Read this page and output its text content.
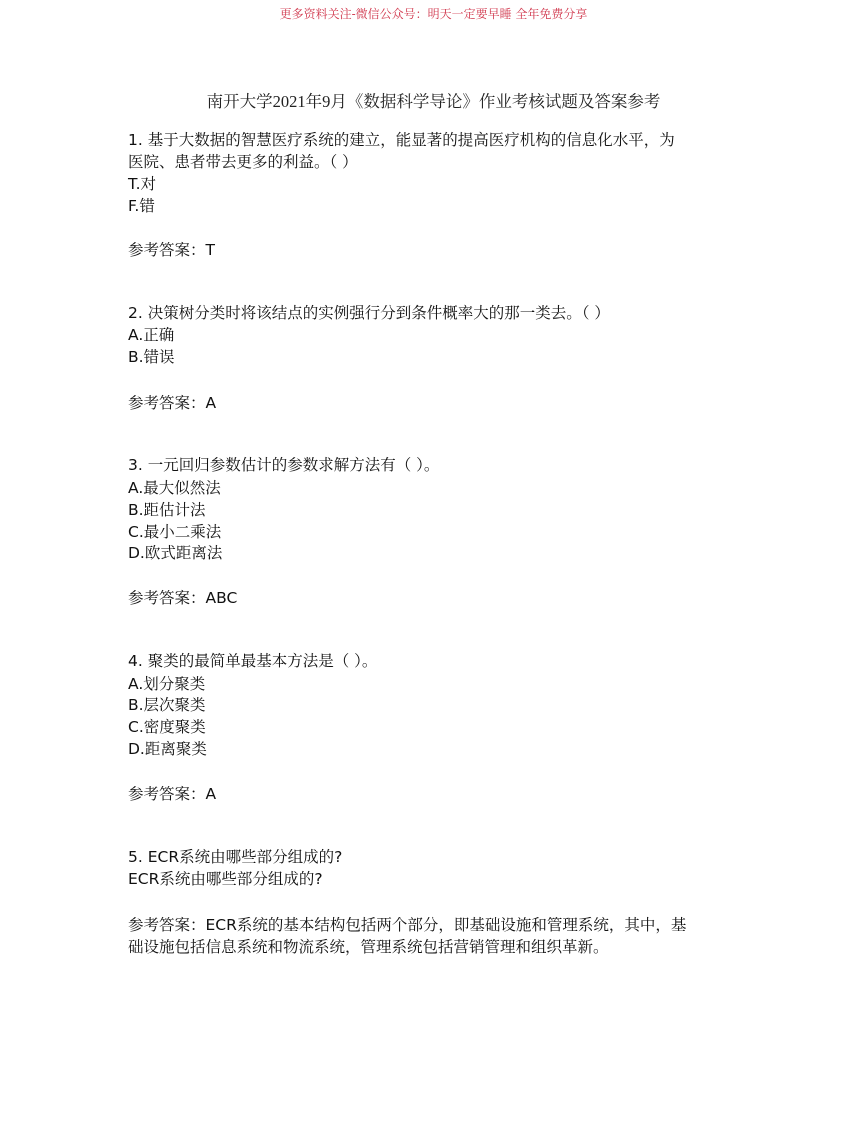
更多资料关注-微信公众号：明天一定要早睡 全年免费分享
南开大学2021年9月《数据科学导论》作业考核试题及答案参考
1. 基于大数据的智慧医疗系统的建立，能显著的提高医疗机构的信息化水平，为
医院、患者带去更多的利益。（ ）
T.对
F.错
参考答案：T
2. 决策树分类时将该结点的实例强行分到条件概率大的那一类去。（ ）
A.正确
B.错误
参考答案：A
3. 一元回归参数估计的参数求解方法有（ ）。
A.最大似然法
B.距估计法
C.最小二乘法
D.欧式距离法
参考答案：ABC
4. 聚类的最简单最基本方法是（ ）。
A.划分聚类
B.层次聚类
C.密度聚类
D.距离聚类
参考答案：A
5. ECR系统由哪些部分组成的?
ECR系统由哪些部分组成的?
参考答案：ECR系统的基本结构包括两个部分，即基础设施和管理系统，其中，基
础设施包括信息系统和物流系统，管理系统包括营销管理和组织革新。
